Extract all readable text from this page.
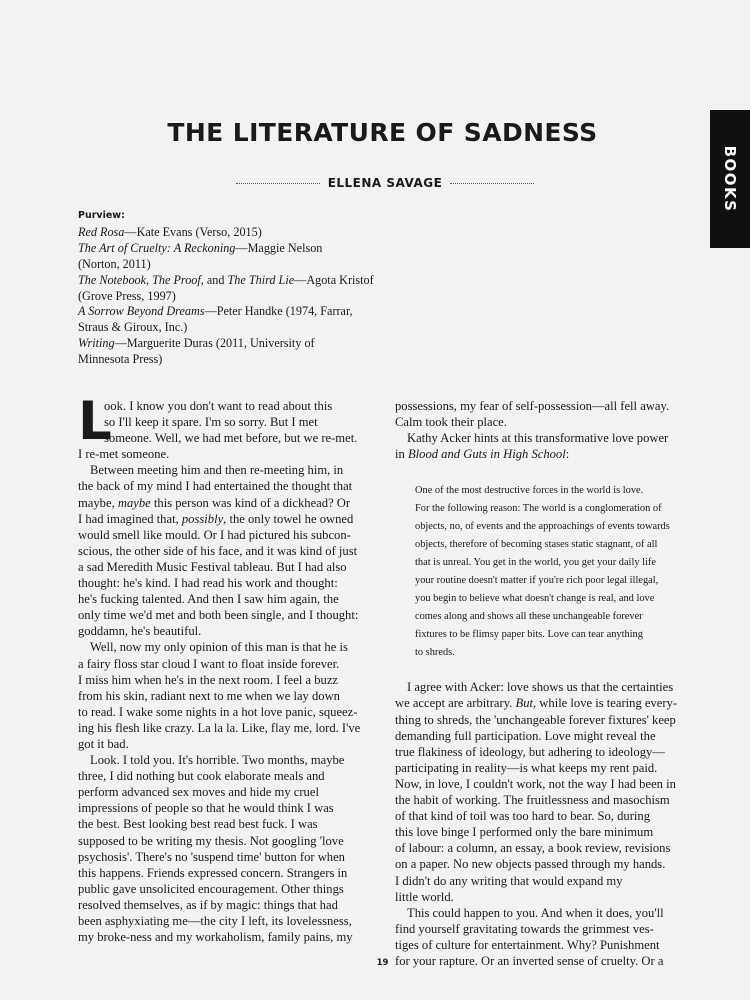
BOOKS
THE LITERATURE OF SADNESS
ELLENA SAVAGE
Purview:
Red Rosa—Kate Evans (Verso, 2015)
The Art of Cruelty: A Reckoning—Maggie Nelson
(Norton, 2011)
The Notebook, The Proof, and The Third Lie—Agota Kristof
(Grove Press, 1997)
A Sorrow Beyond Dreams—Peter Handke (1974, Farrar,
Straus & Giroux, Inc.)
Writing—Marguerite Duras (2011, University of
Minnesota Press)
L
ook. I know you don't want to read about this
so I'll keep it spare. I'm so sorry. But I met
someone. Well, we had met before, but we re-met.
I re-met someone.
Between meeting him and then re-meeting him, in
the back of my mind I had entertained the thought that
maybe, maybe this person was kind of a dickhead? Or
I had imagined that, possibly, the only towel he owned
would smell like mould. Or I had pictured his subcon-
scious, the other side of his face, and it was kind of just
a sad Meredith Music Festival tableau. But I had also
thought: he's kind. I had read his work and thought:
he's fucking talented. And then I saw him again, the
only time we'd met and both been single, and I thought:
goddamn, he's beautiful.
Well, now my only opinion of this man is that he is
a fairy floss star cloud I want to float inside forever.
I miss him when he's in the next room. I feel a buzz
from his skin, radiant next to me when we lay down
to read. I wake some nights in a hot love panic, squeez-
ing his flesh like crazy. La la la. Like, flay me, lord. I've
got it bad.
Look. I told you. It's horrible. Two months, maybe
three, I did nothing but cook elaborate meals and
perform advanced sex moves and hide my cruel
impressions of people so that he would think I was
the best. Best looking best read best fuck. I was
supposed to be writing my thesis. Not googling 'love
psychosis'. There's no 'suspend time' button for when
this happens. Friends expressed concern. Strangers in
public gave unsolicited encouragement. Other things
resolved themselves, as if by magic: things that had
been asphyxiating me—the city I left, its lovelessness,
my broke-ness and my workaholism, family pains, my
possessions, my fear of self-possession—all fell away.
Calm took their place.
Kathy Acker hints at this transformative love power
in Blood and Guts in High School:
One of the most destructive forces in the world is love.
For the following reason: The world is a conglomeration of
objects, no, of events and the approachings of events towards
objects, therefore of becoming stases static stagnant, of all
that is unreal. You get in the world, you get your daily life
your routine doesn't matter if you're rich poor legal illegal,
you begin to believe what doesn't change is real, and love
comes along and shows all these unchangeable forever
fixtures to be flimsy paper bits. Love can tear anything
to shreds.
I agree with Acker: love shows us that the certainties
we accept are arbitrary. But, while love is tearing every-
thing to shreds, the 'unchangeable forever fixtures' keep
demanding full participation. Love might reveal the
true flakiness of ideology, but adhering to ideology—
participating in reality—is what keeps my rent paid.
Now, in love, I couldn't work, not the way I had been in
the habit of working. The fruitlessness and masochism
of that kind of toil was too hard to bear. So, during
this love binge I performed only the bare minimum
of labour: a column, an essay, a book review, revisions
on a paper. No new objects passed through my hands.
I didn't do any writing that would expand my
little world.
This could happen to you. And when it does, you'll
find yourself gravitating towards the grimmest ves-
tiges of culture for entertainment. Why? Punishment
for your rapture. Or an inverted sense of cruelty. Or a
19
